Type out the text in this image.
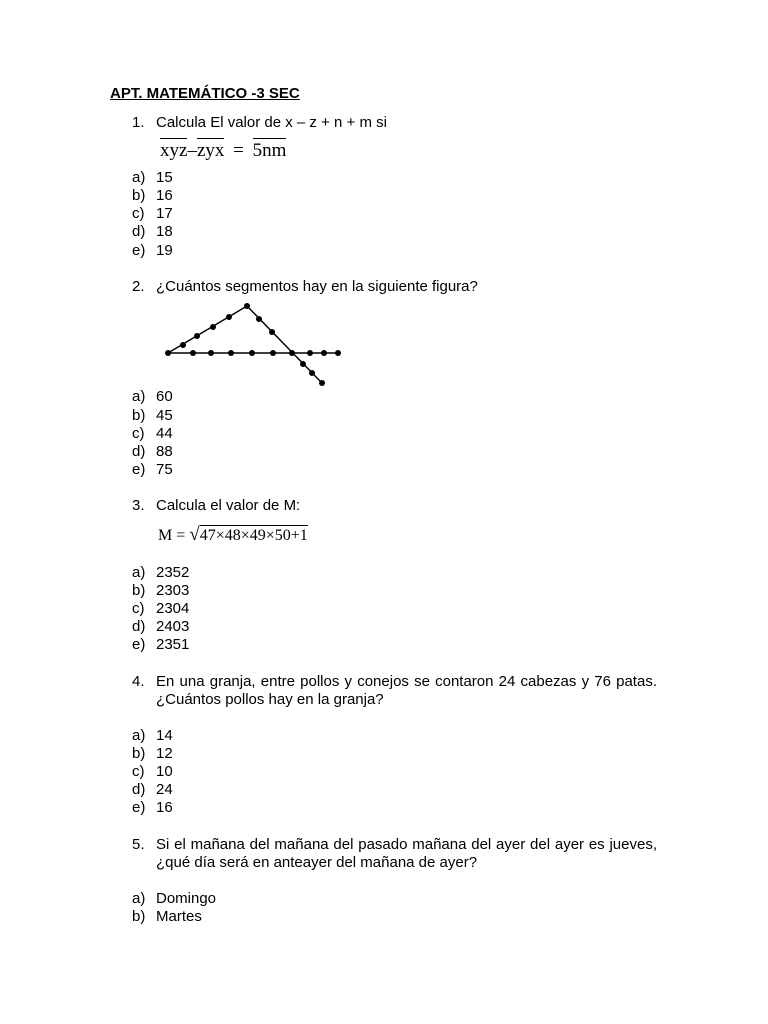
APT. MATEMÁTICO -3 SEC
1. Calcula El valor de x – z + n + m si
xyz–zyx = 5nm
a) 15
b) 16
c) 17
d) 18
e) 19
2. ¿Cuántos segmentos hay en la siguiente figura?
a) 60
b) 45
c) 44
d) 88
e) 75
3. Calcula el valor de M:
M = √47×48×49×50+1
a) 2352
b) 2303
c) 2304
d) 2403
e) 2351
4. En una granja, entre pollos y conejos se contaron 24 cabezas y 76 patas. ¿Cuántos pollos hay en la granja?
a) 14
b) 12
c) 10
d) 24
e) 16
5. Si el mañana del mañana del pasado mañana del ayer del ayer es jueves, ¿qué día será en anteayer del mañana de ayer?
a) Domingo
b) Martes
